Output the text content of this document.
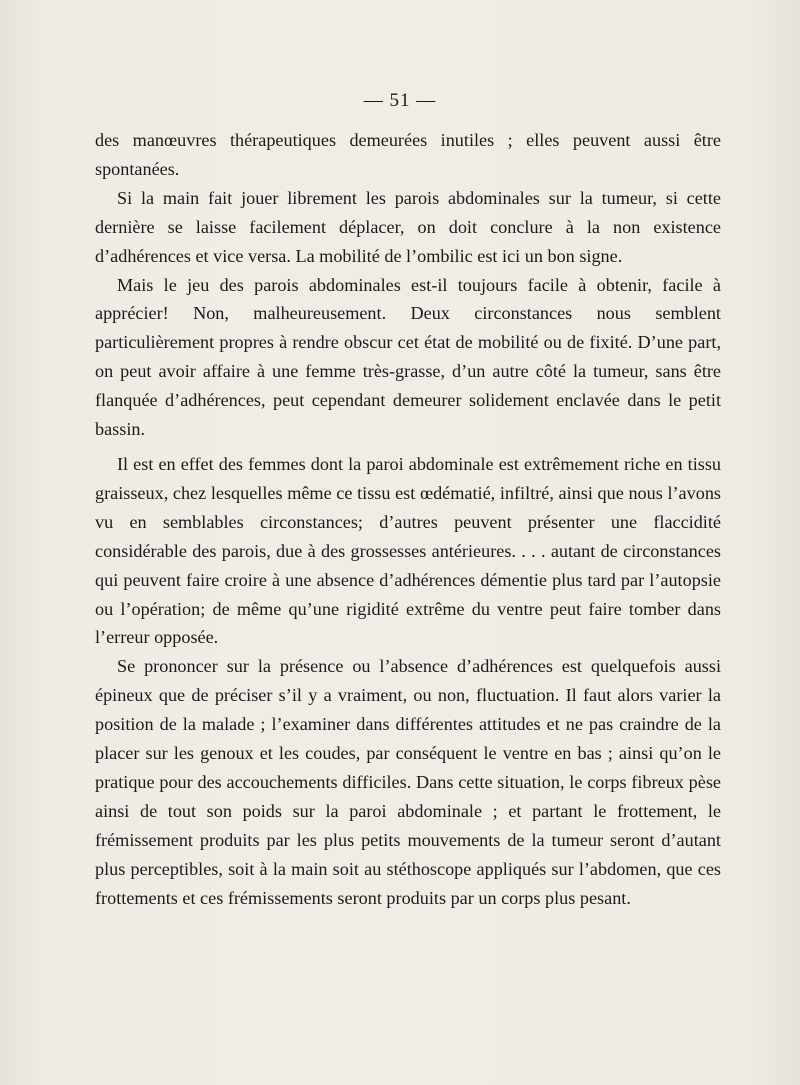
— 51 —

des manœuvres thérapeutiques demeurées inutiles ; elles peuvent aussi être spontanées.

Si la main fait jouer librement les parois abdominales sur la tumeur, si cette dernière se laisse facilement déplacer, on doit conclure à la non existence d’adhérences et vice versa. La mobilité de l’ombilic est ici un bon signe.

Mais le jeu des parois abdominales est-il toujours facile à obtenir, facile à apprécier! Non, malheureusement. Deux circonstances nous semblent particulièrement propres à rendre obscur cet état de mobilité ou de fixité. D’une part, on peut avoir affaire à une femme très-grasse, d’un autre côté la tumeur, sans être flanquée d’adhérences, peut cependant demeurer solidement enclavée dans le petit bassin.

Il est en effet des femmes dont la paroi abdominale est extrêmement riche en tissu graisseux, chez lesquelles même ce tissu est œdématié, infiltré, ainsi que nous l’avons vu en semblables circonstances; d’autres peuvent présenter une flaccidité considérable des parois, due à des grossesses antérieures. . . . autant de circonstances qui peuvent faire croire à une absence d’adhérences démentie plus tard par l’autopsie ou l’opération; de même qu’une rigidité extrême du ventre peut faire tomber dans l’erreur opposée.

Se prononcer sur la présence ou l’absence d’adhérences est quelquefois aussi épineux que de préciser s’il y a vraiment, ou non, fluctuation. Il faut alors varier la position de la malade ; l’examiner dans différentes attitudes et ne pas craindre de la placer sur les genoux et les coudes, par conséquent le ventre en bas ; ainsi qu’on le pratique pour des accouchements difficiles. Dans cette situation, le corps fibreux pèse ainsi de tout son poids sur la paroi abdominale ; et partant le frottement, le frémissement produits par les plus petits mouvements de la tumeur seront d’autant plus perceptibles, soit à la main soit au stéthoscope appliqués sur l’abdomen, que ces frottements et ces frémissements seront produits par un corps plus pesant.
